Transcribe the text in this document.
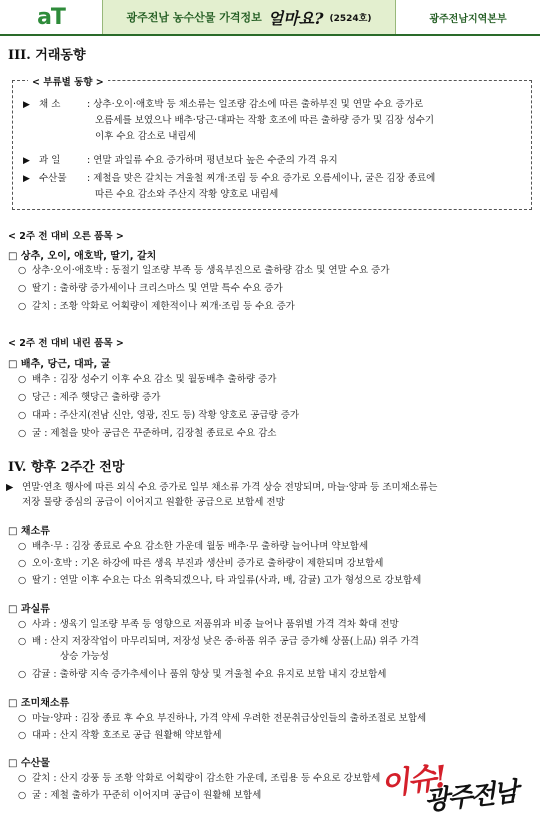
aT	광주전남 농수산물 가격정보 얼마요? (2524호)	광주전남지역본부
III. 거래동향
▶ 채 소	: 상추·오이·애호박 등 채소류는 일조량 감소에 따른 출하부진 및 연말 수요 증가로
오름세를 보였으나 배추·당근·대파는 작황 호조에 따른 출하량 증가 및 김장 성수기
이후 수요 감소로 내림세
▶ 과 일	: 연말 과일류 수요 증가하며 평년보다 높은 수준의 가격 유지
▶ 수산물 : 제철을 맞은 갈치는 겨울철 찌개·조림 등 수요 증가로 오름세이나, 굴은 김장 종료에
따른 수요 감소와 주산지 작황 양호로 내림세
< 부류별 동향 >
< 2주 전 대비 오른 품목 >
□ 상추, 오이, 애호박, 딸기, 갈치
○ 상추·오이·애호박 : 동절기 일조량 부족 등 생육부진으로 출하량 감소 및 연말 수요 증가
○ 딸기 : 출하량 증가세이나 크리스마스 및 연말 특수 수요 증가
○ 갈치 : 조황 악화로 어획량이 제한적이나 찌개·조림 등 수요 증가
< 2주 전 대비 내린 품목 >
□ 배추, 당근, 대파, 굴
○ 배추 : 김장 성수기 이후 수요 감소 및 월동배추 출하량 증가
○ 당근 : 제주 햇당근 출하량 증가
○ 대파 : 주산지(전남 신안, 영광, 진도 등) 작황 양호로 공급량 증가
○ 굴 : 제철을 맞아 공급은 꾸준하며, 김장철 종료로 수요 감소
IV. 향후 2주간 전망
▶ 연말·연초 행사에 따른 외식 수요 증가로 일부 채소류 가격 상승 전망되며, 마늘·양파 등 조미채소류는
저장 물량 중심의 공급이 이어지고 원활한 공급으로 보합세 전망
□ 채소류
○ 배추·무 : 김장 종료로 수요 감소한 가운데 월동 배추·무 출하량 늘어나며 약보합세
○ 오이·호박 : 기온 하강에 따른 생육 부진과 생산비 증가로 출하량이 제한되며 강보합세
○ 딸기 : 연말 이후 수요는 다소 위축되겠으나, 타 과일류(사과, 배, 감귤) 고가 형성으로 강보합세
□ 과실류
○ 사과 : 생육기 일조량 부족 등 영향으로 저품위과 비중 늘어나 품위별 가격 격차 확대 전망
○ 배 : 산지 저장작업이 마무리되며, 저장성 낮은 중·하품 위주 공급 증가해 상품(上品) 위주 가격
상승 가능성
○ 감귤 : 출하량 지속 증가추세이나 품위 향상 및 겨울철 수요 유지로 보합 내지 강보합세
□ 조미채소류
○ 마늘·양파 : 김장 종료 후 수요 부진하나, 가격 약세 우려한 전문취급상인들의 출하조절로 보합세
○ 대파 : 산지 작황 호조로 공급 원활해 약보합세
□ 수산물
○ 갈치 : 산지 강풍 등 조황 악화로 어획량이 감소한 가운데, 조림용 등 수요로 강보합세
○ 굴 : 제철 출하가 꾸준히 이어지며 공급이 원활해 보합세	이슈!
광주전남
